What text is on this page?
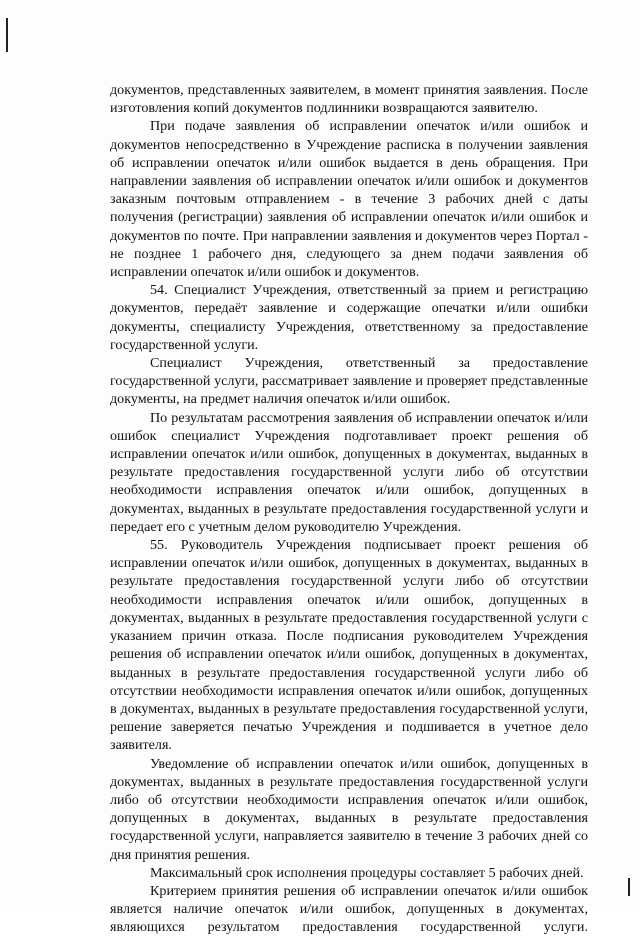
документов, представленных заявителем, в момент принятия заявления. После изготовления копий документов подлинники возвращаются заявителю.

При подаче заявления об исправлении опечаток и/или ошибок и документов непосредственно в Учреждение расписка в получении заявления об исправлении опечаток и/или ошибок выдается в день обращения. При направлении заявления об исправлении опечаток и/или ошибок и документов заказным почтовым отправлением - в течение 3 рабочих дней с даты получения (регистрации) заявления об исправлении опечаток и/или ошибок и документов по почте. При направлении заявления и документов через Портал - не позднее 1 рабочего дня, следующего за днем подачи заявления об исправлении опечаток и/или ошибок и документов.

54. Специалист Учреждения, ответственный за прием и регистрацию документов, передаёт заявление и содержащие опечатки и/или ошибки документы, специалисту Учреждения, ответственному за предоставление государственной услуги.

Специалист Учреждения, ответственный за предоставление государственной услуги, рассматривает заявление и проверяет представленные документы, на предмет наличия опечаток и/или ошибок.

По результатам рассмотрения заявления об исправлении опечаток и/или ошибок специалист Учреждения подготавливает проект решения об исправлении опечаток и/или ошибок, допущенных в документах, выданных в результате предоставления государственной услуги либо об отсутствии необходимости исправления опечаток и/или ошибок, допущенных в документах, выданных в результате предоставления государственной услуги и передает его с учетным делом руководителю Учреждения.

55. Руководитель Учреждения подписывает проект решения об исправлении опечаток и/или ошибок, допущенных в документах, выданных в результате предоставления государственной услуги либо об отсутствии необходимости исправления опечаток и/или ошибок, допущенных в документах, выданных в результате предоставления государственной услуги с указанием причин отказа. После подписания руководителем Учреждения решения об исправлении опечаток и/или ошибок, допущенных в документах, выданных в результате предоставления государственной услуги либо об отсутствии необходимости исправления опечаток и/или ошибок, допущенных в документах, выданных в результате предоставления государственной услуги, решение заверяется печатью Учреждения и подшивается в учетное дело заявителя.

Уведомление об исправлении опечаток и/или ошибок, допущенных в документах, выданных в результате предоставления государственной услуги либо об отсутствии необходимости исправления опечаток и/или ошибок, допущенных в документах, выданных в результате предоставления государственной услуги, направляется заявителю в течение 3 рабочих дней со дня принятия решения.

Максимальный срок исполнения процедуры составляет 5 рабочих дней.

Критерием принятия решения об исправлении опечаток и/или ошибок является наличие опечаток и/или ошибок, допущенных в документах, являющихся результатом предоставления государственной услуги.
